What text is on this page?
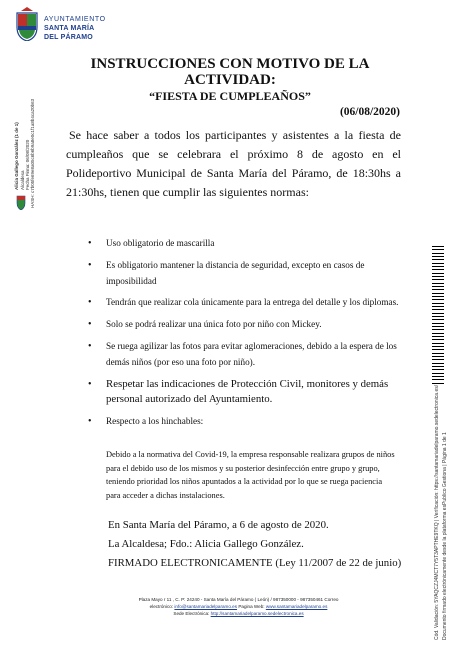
AYUNTAMIENTO
SANTA MARÍA
DEL PÁRAMO
Alicia Gallego González (1 de 1) Alcaldesa Fecha Firma: 06/08/2020 HASH: c7b05fe69e8a05c6b6b9a8e0c1f1a8b4ca20b63
INSTRUCCIONES CON MOTIVO DE LA ACTIVIDAD:
“FIESTA DE CUMPLEAÑOS”
(06/08/2020)

Se hace saber a todos los participantes y asistentes a la fiesta de cumpleaños que se celebrara el próximo 8 de agosto en el Polideportivo Municipal de Santa María del Páramo, de 18:30hs a 21:30hs, tienen que cumplir las siguientes normas:

• Uso obligatorio de mascarilla
• Es obligatorio mantener la distancia de seguridad, excepto en casos de imposibilidad
• Tendrán que realizar cola únicamente para la entrega del detalle y los diplomas.
• Solo se podrá realizar una única foto por niño con Mickey.
• Se ruega agilizar las fotos para evitar aglomeraciones, debido a la espera de los demás niños (por eso una foto por niño).
• Respetar las indicaciones de Protección Civil, monitores y demás personal autorizado del Ayuntamiento.
• Respecto a los hinchables:
Debido a la normativa del Covid-19, la empresa responsable realizara grupos de niños para el debido uso de los mismos y su posterior desinfección entre grupo y grupo, teniendo prioridad los niños apuntados a la actividad por lo que se ruega paciencia para acceder a dichas instalaciones.
En Santa María del Páramo, a 6 de agosto de 2020.
La Alcaldesa; Fdo.: Alicia Gallego González.
FIRMADO ELECTRONICAMENTE (Ley 11/2007 de 22 de junio)
Plaza Mayo r 11 , C. P: 24240 - Santa María del Páramo ( León) / 987350000 - 987350461 Correo
electrónico: info@santamariadelparamo.es Pagina Web: www.santamariadelparamo.es
Sede Electrónica: http://santamariadelparamo.sedelectronica.es	Cód. Validación: 5YAQCZJ4MCT7Y5T3APTHE9TKQ | Verificación: https://santamariadelparamo.sedelectronica.es/ Documento firmado electrónicamente desde la plataforma esPublico Gestiona | Página 1 de 1
